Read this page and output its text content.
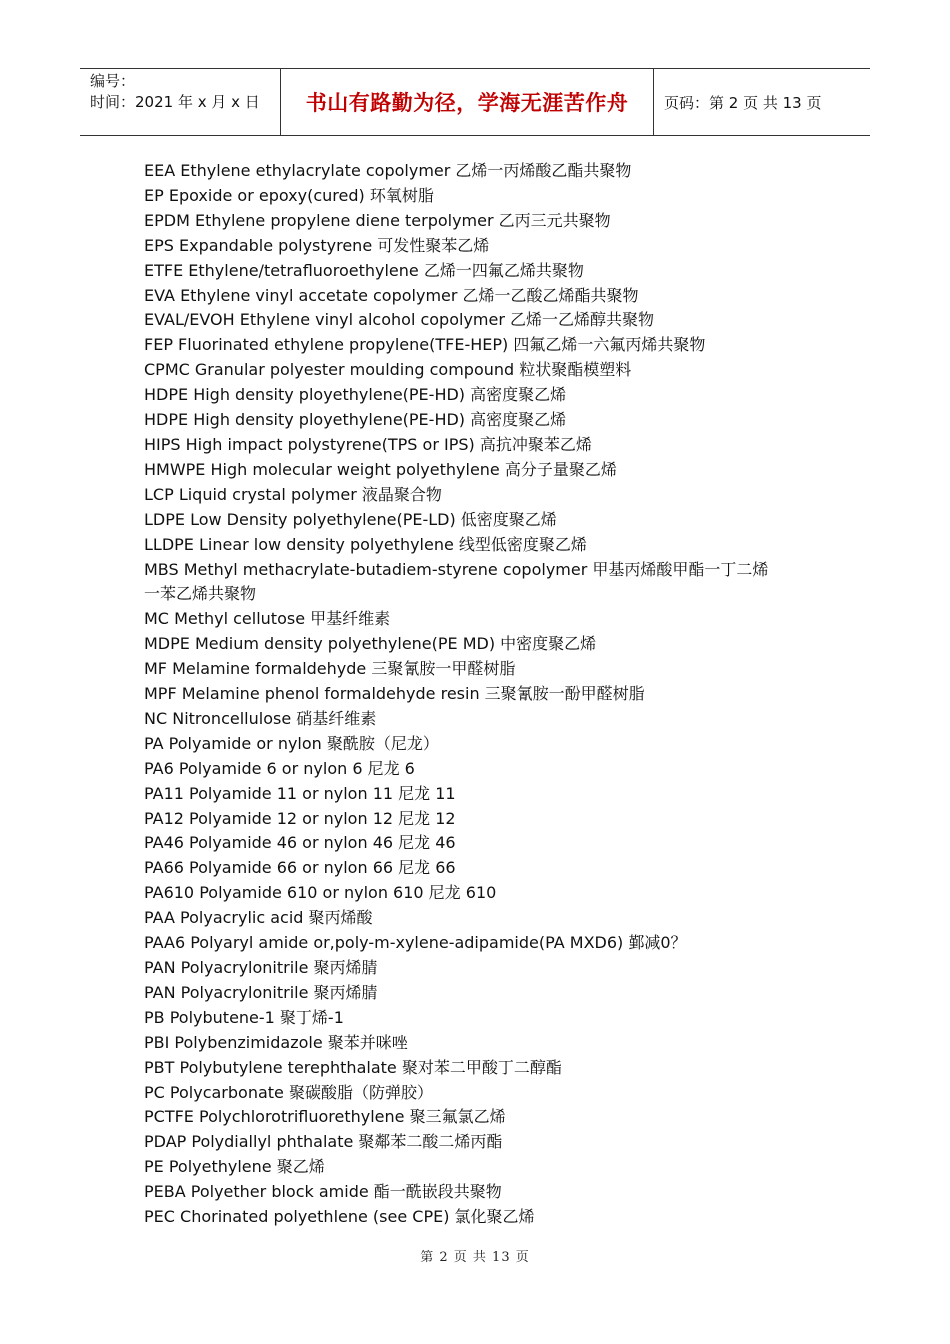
编号：
时间：2021 年 x 月 x 日	书山有路勤为径，学海无涯苦作舟 页码：第 2 页 共 13 页

EEA Ethylene ethylacrylate copolymer 乙烯一丙烯酸乙酯共聚物

EP Epoxide or epoxy(cured) 环氧树脂

EPDM Ethylene propylene diene terpolymer 乙丙三元共聚物

EPS Expandable polystyrene 可发性聚苯乙烯

ETFE Ethylene/tetrafluoroethylene 乙烯一四氟乙烯共聚物

EVA Ethylene vinyl accetate copolymer 乙烯一乙酸乙烯酯共聚物

EVAL/EVOH Ethylene vinyl alcohol copolymer 乙烯一乙烯醇共聚物

FEP Fluorinated ethylene propylene(TFE-HEP) 四氟乙烯一六氟丙烯共聚物

CPMC Granular polyester moulding compound 粒状聚酯模塑料

HDPE High density ployethylene(PE-HD) 高密度聚乙烯

HDPE High density ployethylene(PE-HD) 高密度聚乙烯

HIPS High impact polystyrene(TPS or IPS) 高抗冲聚苯乙烯

HMWPE High molecular weight polyethylene 高分子量聚乙烯

LCP Liquid crystal polymer 液晶聚合物

LDPE Low Density polyethylene(PE-LD) 低密度聚乙烯

LLDPE Linear low density polyethylene 线型低密度聚乙烯

MBS Methyl methacrylate-butadiem-styrene copolymer 甲基丙烯酸甲酯一丁二烯
一苯乙烯共聚物

MC Methyl cellutose 甲基纤维素

MDPE Medium density polyethylene(PE MD) 中密度聚乙烯

MF Melamine formaldehyde 三聚氰胺一甲醛树脂

MPF Melamine phenol formaldehyde resin 三聚氰胺一酚甲醛树脂

NC Nitroncellulose 硝基纤维素

PA Polyamide or nylon 聚酰胺（尼龙）

PA6 Polyamide 6 or nylon 6 尼龙 6

PA11 Polyamide 11 or nylon 11 尼龙 11

PA12 Polyamide 12 or nylon 12 尼龙 12

PA46 Polyamide 46 or nylon 46 尼龙 46

PA66 Polyamide 66 or nylon 66 尼龙 66

PA610 Polyamide 610 or nylon 610 尼龙 610

PAA Polyacrylic acid 聚丙烯酸

PAA6 Polyaryl amide or,poly-m-xylene-adipamide(PA MXD6) 鄞减0？

PAN Polyacrylonitrile 聚丙烯腈

PAN Polyacrylonitrile 聚丙烯腈

PB Polybutene-1 聚丁烯-1

PBI Polybenzimidazole 聚苯并咪唑

PBT Polybutylene terephthalate 聚对苯二甲酸丁二醇酯

PC Polycarbonate 聚碳酸脂（防弹胶）

PCTFE Polychlorotrifluorethylene 聚三氟氯乙烯

PDAP Polydiallyl phthalate 聚鄰苯二酸二烯丙酯

PE Polyethylene 聚乙烯

PEBA Polyether block amide 酯一酰嵌段共聚物

PEC Chorinated polyethlene (see CPE) 氯化聚乙烯

第 2 页 共 13 页
